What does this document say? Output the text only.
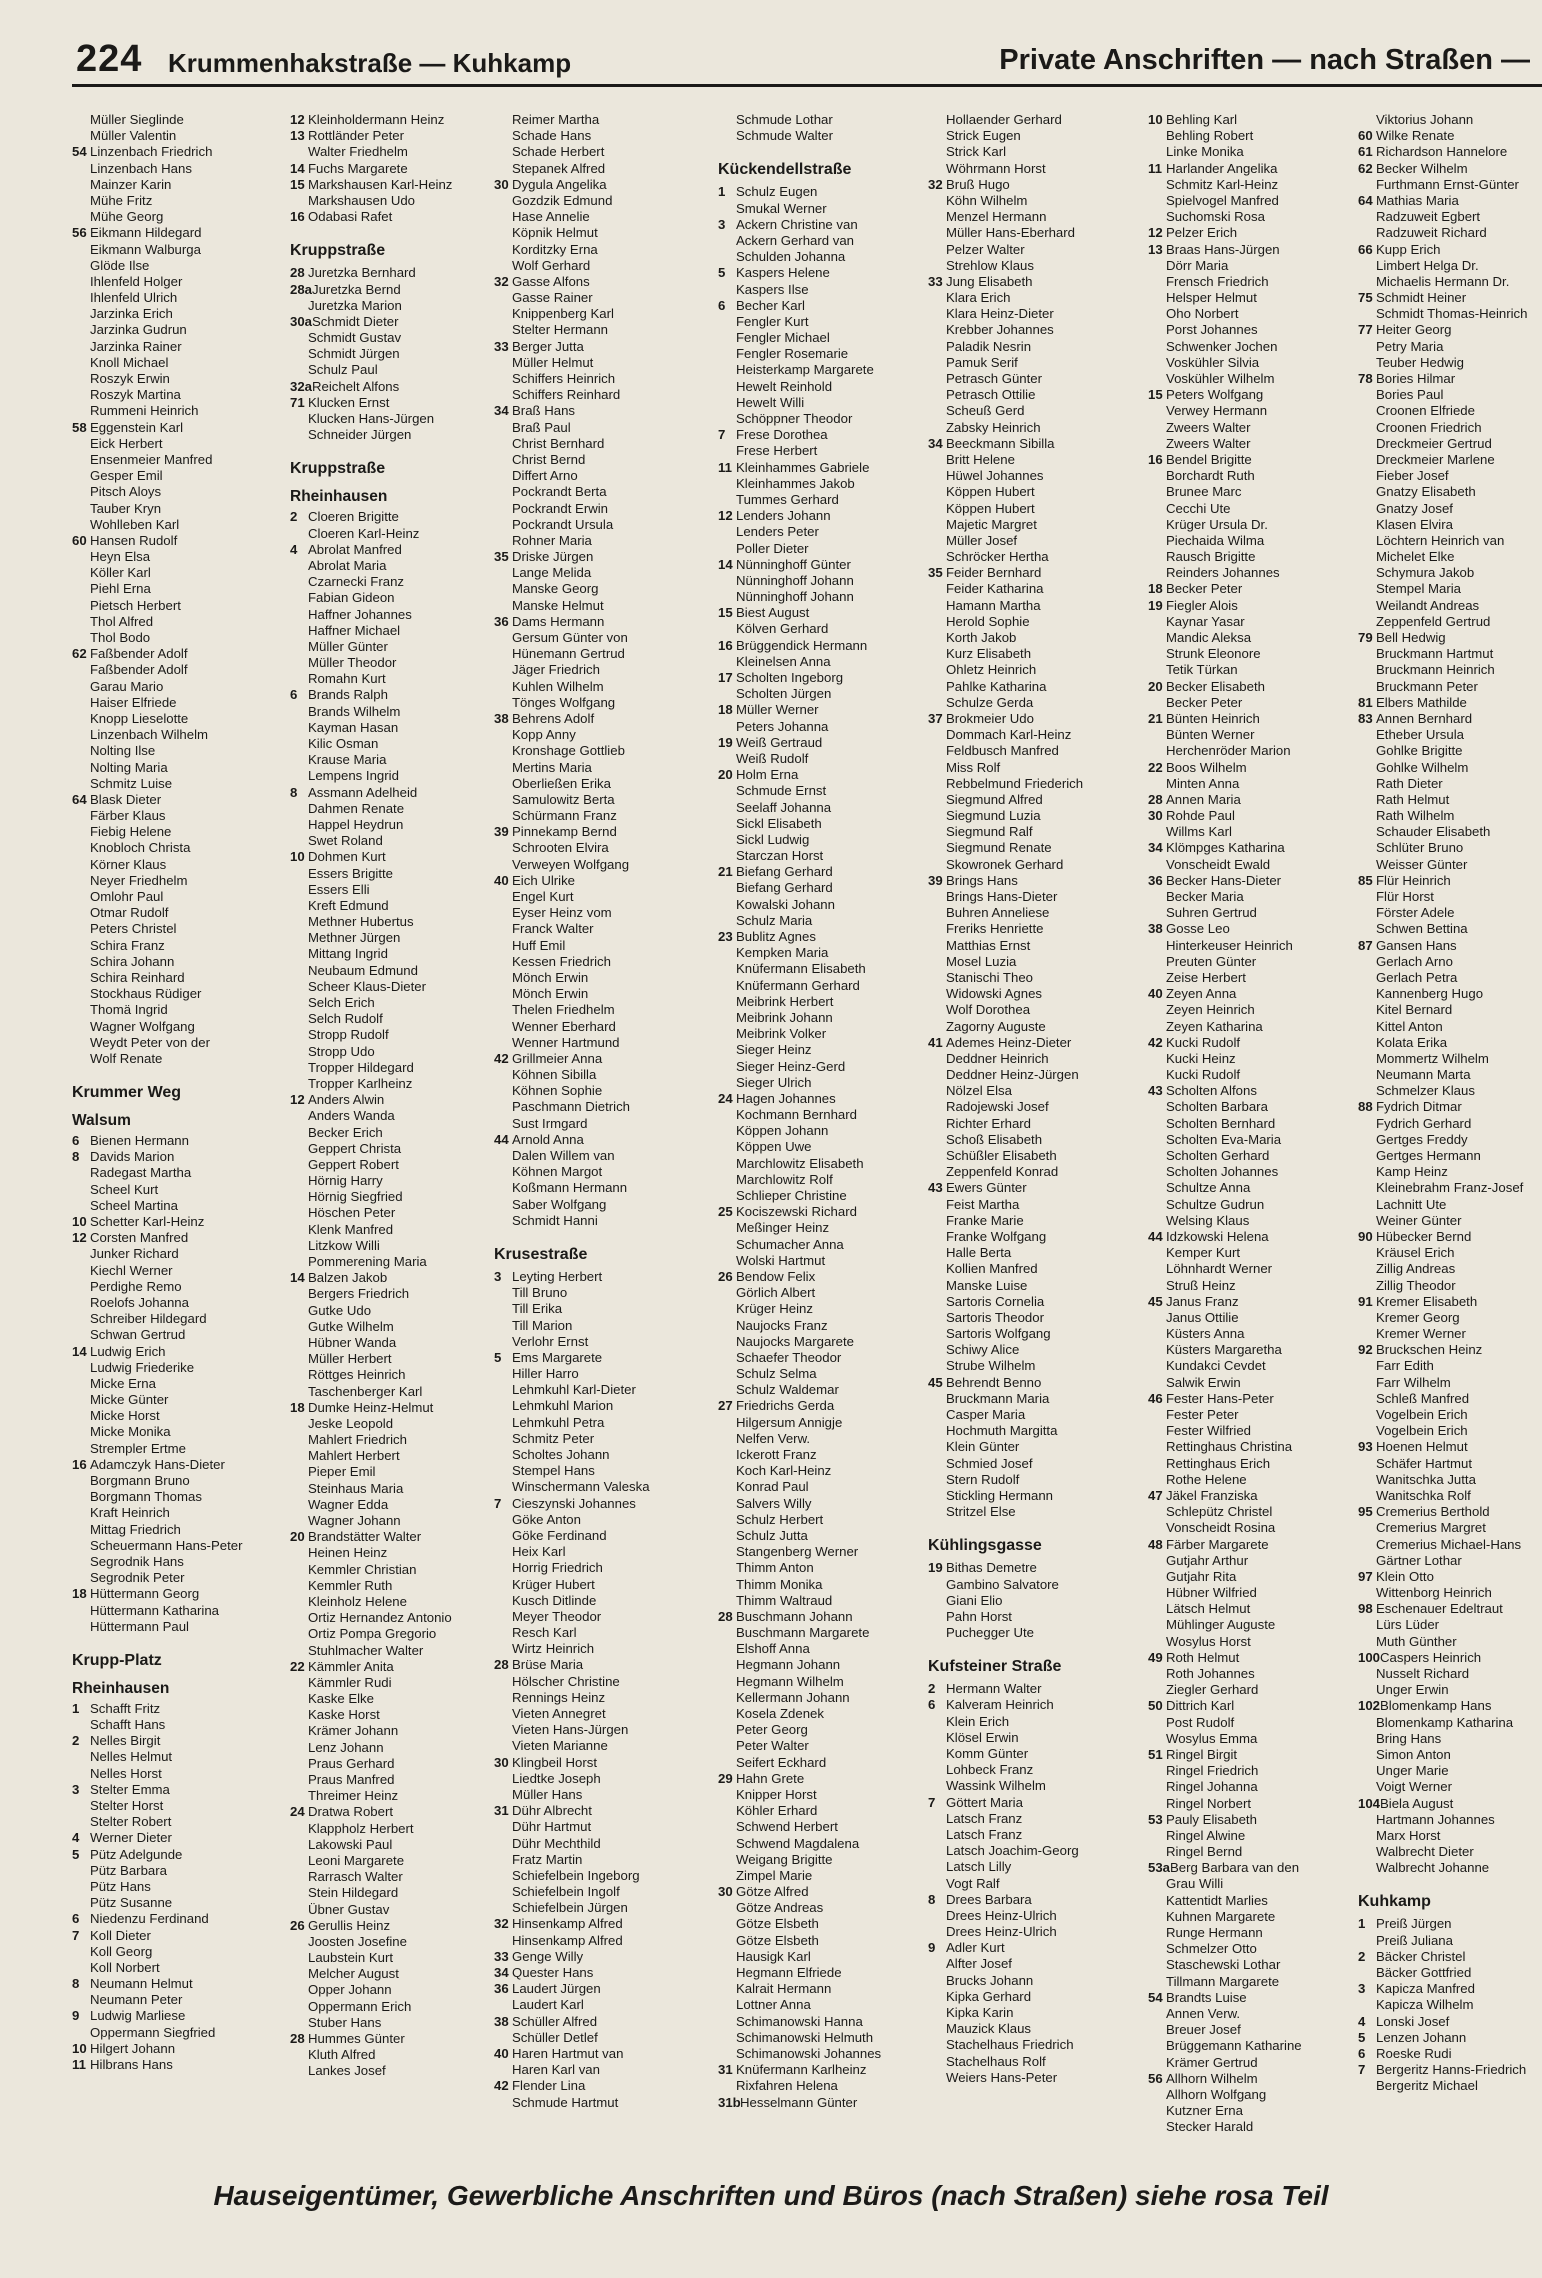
224 Krummenhakstraße — Kuhkamp	Private Anschriften — nach Straßen —
Müller Sieglinde
Müller Valentin
54 Linzenbach Friedrich
Linzenbach Hans
Mainzer Karin
Mühe Fritz
Mühe Georg
56 Eikmann Hildegard
Eikmann Walburga
Glöde Ilse
Ihlenfeld Holger
Ihlenfeld Ulrich
Jarzinka Erich
Jarzinka Gudrun
Jarzinka Rainer
Knoll Michael
Roszyk Erwin
Roszyk Martina
Rummeni Heinrich
58 Eggenstein Karl
Eick Herbert
Ensenmeier Manfred
Gesper Emil
Pitsch Aloys
Tauber Kryn
Wohlleben Karl
60 Hansen Rudolf
Heyn Elsa
Köller Karl
Piehl Erna
Pietsch Herbert
Thol Alfred
Thol Bodo
62 Faßbender Adolf
Faßbender Adolf
Garau Mario
Haiser Elfriede
Knopp Lieselotte
Linzenbach Wilhelm
Nolting Ilse
Nolting Maria
Schmitz Luise
64 Blask Dieter
Färber Klaus
Fiebig Helene
Knobloch Christa
Körner Klaus
Neyer Friedhelm
Omlohr Paul
Otmar Rudolf
Peters Christel
Schira Franz
Schira Johann
Schira Reinhard
Stockhaus Rüdiger
Thomä Ingrid
Wagner Wolfgang
Weydt Peter von der
Wolf Renate
Krummer Weg
Walsum
6 Bienen Hermann
8 Davids Marion
Radegast Martha
Scheel Kurt
Scheel Martina
10 Schetter Karl-Heinz
12 Corsten Manfred
Junker Richard
Kiechl Werner
Perdighe Remo
Roelofs Johanna
Schreiber Hildegard
Schwan Gertrud
14 Ludwig Erich
Ludwig Friederike
Micke Erna
Micke Günter
Micke Horst
Micke Monika
Strempler Ertme
16 Adamczyk Hans-Dieter
Borgmann Bruno
Borgmann Thomas
Kraft Heinrich
Mittag Friedrich
Scheuermann Hans-Peter
Segrodnik Hans
Segrodnik Peter
18 Hüttermann Georg
Hüttermann Katharina
Hüttermann Paul
Krupp-Platz
Rheinhausen
1 Schafft Fritz
Schafft Hans
2 Nelles Birgit
Nelles Helmut
Nelles Horst
3 Stelter Emma
Stelter Horst
Stelter Robert
4 Werner Dieter
5 Pütz Adelgunde
Pütz Barbara
Pütz Hans
Pütz Susanne
6 Niedenzu Ferdinand
7 Koll Dieter
Koll Georg
Koll Norbert
8 Neumann Helmut
Neumann Peter
9 Ludwig Marliese
Oppermann Siegfried
10 Hilgert Johann
11 Hilbrans Hans
12 Kleinholdermann Heinz
13 Rottländer Peter
Walter Friedhelm
14 Fuchs Margarete
15 Markshausen Karl-Heinz
Markshausen Udo
16 Odabasi Rafet
Kruppstraße
28 Juretzka Bernhard
28a Juretzka Bernd
Juretzka Marion
30a Schmidt Dieter
Schmidt Gustav
Schmidt Jürgen
Schulz Paul
32a Reichelt Alfons
71 Klucken Ernst
Klucken Hans-Jürgen
Schneider Jürgen
Kruppstraße
Rheinhausen
2 Cloeren Brigitte
Cloeren Karl-Heinz
4 Abrolat Manfred
Abrolat Maria
Czarnecki Franz
Fabian Gideon
Haffner Johannes
Haffner Michael
Müller Günter
Müller Theodor
Romahn Kurt
6 Brands Ralph
Brands Wilhelm
Kayman Hasan
Kilic Osman
Krause Maria
Lempens Ingrid
8 Assmann Adelheid
Dahmen Renate
Happel Heydrun
Swet Roland
10 Dohmen Kurt
Essers Brigitte
Essers Elli
Kreft Edmund
Methner Hubertus
Methner Jürgen
Mittang Ingrid
Neubaum Edmund
Scheer Klaus-Dieter
Selch Erich
Selch Rudolf
Stropp Rudolf
Stropp Udo
Tropper Hildegard
Tropper Karlheinz
12 Anders Alwin
Anders Wanda
Becker Erich
Geppert Christa
Geppert Robert
Hörnig Harry
Hörnig Siegfried
Höschen Peter
Klenk Manfred
Litzkow Willi
Pommerening Maria
14 Balzen Jakob
Bergers Friedrich
Gutke Udo
Gutke Wilhelm
Hübner Wanda
Müller Herbert
Röttges Heinrich
Taschenberger Karl
18 Dumke Heinz-Helmut
Jeske Leopold
Mahlert Friedrich
Mahlert Herbert
Pieper Emil
Steinhaus Maria
Wagner Edda
Wagner Johann
20 Brandstätter Walter
Heinen Heinz
Kemmler Christian
Kemmler Ruth
Kleinholz Helene
Ortiz Hernandez Antonio
Ortiz Pompa Gregorio
Stuhlmacher Walter
22 Kämmler Anita
Kämmler Rudi
Kaske Elke
Kaske Horst
Krämer Johann
Lenz Johann
Praus Gerhard
Praus Manfred
Threimer Heinz
24 Dratwa Robert
Klappholz Herbert
Lakowski Paul
Leoni Margarete
Rarrasch Walter
Stein Hildegard
Übner Gustav
26 Gerullis Heinz
Joosten Josefine
Laubstein Kurt
Melcher August
Opper Johann
Oppermann Erich
Stuber Hans
28 Hummes Günter
Kluth Alfred
Lankes Josef
Reimer Martha
Schade Hans
Schade Herbert
Stepanek Alfred
30 Dygula Angelika
Gozdzik Edmund
Hase Annelie
Köpnik Helmut
Korditzky Erna
Wolf Gerhard
32 Gasse Alfons
Gasse Rainer
Knippenberg Karl
Stelter Hermann
33 Berger Jutta
Müller Helmut
Schiffers Heinrich
Schiffers Reinhard
34 Braß Hans
Braß Paul
Christ Bernhard
Christ Bernd
Differt Arno
Pockrandt Berta
Pockrandt Erwin
Pockrandt Ursula
Rohner Maria
35 Driske Jürgen
Lange Melida
Manske Georg
Manske Helmut
36 Dams Hermann
Gersum Günter von
Hünemann Gertrud
Jäger Friedrich
Kuhlen Wilhelm
Tönges Wolfgang
38 Behrens Adolf
Kopp Anny
Kronshage Gottlieb
Mertins Maria
Oberließen Erika
Samulowitz Berta
Schürmann Franz
39 Pinnekamp Bernd
Schrooten Elvira
Verweyen Wolfgang
40 Eich Ulrike
Engel Kurt
Eyser Heinz vom
Franck Walter
Huff Emil
Kessen Friedrich
Mönch Erwin
Mönch Erwin
Thelen Friedhelm
Wenner Eberhard
Wenner Hartmund
42 Grillmeier Anna
Köhnen Sibilla
Köhnen Sophie
Paschmann Dietrich
Sust Irmgard
44 Arnold Anna
Dalen Willem van
Köhnen Margot
Koßmann Hermann
Saber Wolfgang
Schmidt Hanni
Krusestraße
3 Leyting Herbert
Till Bruno
Till Erika
Till Marion
Verlohr Ernst
5 Ems Margarete
Hiller Harro
Lehmkuhl Karl-Dieter
Lehmkuhl Marion
Lehmkuhl Petra
Schmitz Peter
Scholtes Johann
Stempel Hans
Winschermann Valeska
7 Cieszynski Johannes
Göke Anton
Göke Ferdinand
Heix Karl
Horrig Friedrich
Krüger Hubert
Kusch Ditlinde
Meyer Theodor
Resch Karl
Wirtz Heinrich
28 Brüse Maria
Hölscher Christine
Rennings Heinz
Vieten Annegret
Vieten Hans-Jürgen
Vieten Marianne
30 Klingbeil Horst
Liedtke Joseph
Müller Hans
31 Dühr Albrecht
Dühr Hartmut
Dühr Mechthild
Fratz Martin
Schiefelbein Ingeborg
Schiefelbein Ingolf
Schiefelbein Jürgen
32 Hinsenkamp Alfred
Hinsenkamp Alfred
33 Genge Willy
34 Quester Hans
36 Laudert Jürgen
Laudert Karl
38 Schüller Alfred
Schüller Detlef
40 Haren Hartmut van
Haren Karl van
42 Flender Lina
Schmude Hartmut
Schmude Lothar
Schmude Walter
Kückendellstraße
1 Schulz Eugen
Smukal Werner
3 Ackern Christine van
Ackern Gerhard van
Schulden Johanna
5 Kaspers Helene
Kaspers Ilse
6 Becher Karl
Fengler Kurt
Fengler Michael
Fengler Rosemarie
Heisterkamp Margarete
Hewelt Reinhold
Hewelt Willi
Schöppner Theodor
7 Frese Dorothea
Frese Herbert
11 Kleinhammes Gabriele
Kleinhammes Jakob
Tummes Gerhard
12 Lenders Johann
Lenders Peter
Poller Dieter
14 Nünninghoff Günter
Nünninghoff Johann
Nünninghoff Johann
15 Biest August
Kölven Gerhard
16 Brüggendick Hermann
Kleinelsen Anna
17 Scholten Ingeborg
Scholten Jürgen
18 Müller Werner
Peters Johanna
19 Weiß Gertraud
Weiß Rudolf
20 Holm Erna
Schmude Ernst
Seelaff Johanna
Sickl Elisabeth
Sickl Ludwig
Starczan Horst
21 Biefang Gerhard
Biefang Gerhard
Kowalski Johann
Schulz Maria
23 Bublitz Agnes
Kempken Maria
Knüfermann Elisabeth
Knüfermann Gerhard
Meibrink Herbert
Meibrink Johann
Meibrink Volker
Sieger Heinz
Sieger Heinz-Gerd
Sieger Ulrich
24 Hagen Johannes
Kochmann Bernhard
Köppen Johann
Köppen Uwe
Marchlowitz Elisabeth
Marchlowitz Rolf
Schlieper Christine
25 Kociszewski Richard
Meßinger Heinz
Schumacher Anna
Wolski Hartmut
26 Bendow Felix
Görlich Albert
Krüger Heinz
Naujocks Franz
Naujocks Margarete
Schaefer Theodor
Schulz Selma
Schulz Waldemar
27 Friedrichs Gerda
Hilgersum Annigje
Nelfen Verw.
Ickerott Franz
Koch Karl-Heinz
Konrad Paul
Salvers Willy
Schulz Herbert
Schulz Jutta
Stangenberg Werner
Thimm Anton
Thimm Monika
Thimm Waltraud
28 Buschmann Johann
Buschmann Margarete
Elshoff Anna
Hegmann Johann
Hegmann Wilhelm
Kellermann Johann
Kosela Zdenek
Peter Georg
Peter Walter
Seifert Eckhard
29 Hahn Grete
Knipper Horst
Köhler Erhard
Schwend Herbert
Schwend Magdalena
Weigang Brigitte
Zimpel Marie
30 Götze Alfred
Götze Andreas
Götze Elsbeth
Götze Elsbeth
Hausigk Karl
Hegmann Elfriede
Kalrait Hermann
Lottner Anna
Schimanowski Hanna
Schimanowski Helmuth
Schimanowski Johannes
31 Knüfermann Karlheinz
Rixfahren Helena
31b Hesselmann Günter
Hollaender Gerhard
Strick Eugen
Strick Karl
Wöhrmann Horst
32 Bruß Hugo
Köhn Wilhelm
Menzel Hermann
Müller Hans-Eberhard
Pelzer Walter
Strehlow Klaus
33 Jung Elisabeth
Klara Erich
Klara Heinz-Dieter
Krebber Johannes
Paladik Nesrin
Pamuk Serif
Petrasch Günter
Petrasch Ottilie
Scheuß Gerd
Zabsky Heinrich
34 Beeckmann Sibilla
Britt Helene
Hüwel Johannes
Köppen Hubert
Köppen Hubert
Majetic Margret
Müller Josef
Schröcker Hertha
35 Feider Bernhard
Feider Katharina
Hamann Martha
Herold Sophie
Korth Jakob
Kurz Elisabeth
Ohletz Heinrich
Pahlke Katharina
Schulze Gerda
37 Brokmeier Udo
Dommach Karl-Heinz
Feldbusch Manfred
Miss Rolf
Rebbelmund Friederich
Siegmund Alfred
Siegmund Luzia
Siegmund Ralf
Siegmund Renate
Skowronek Gerhard
39 Brings Hans
Brings Hans-Dieter
Buhren Anneliese
Freriks Henriette
Matthias Ernst
Mosel Luzia
Stanischi Theo
Widowski Agnes
Wolf Dorothea
Zagorny Auguste
41 Ademes Heinz-Dieter
Deddner Heinrich
Deddner Heinz-Jürgen
Nölzel Elsa
Radojewski Josef
Richter Erhard
Schoß Elisabeth
Schüßler Elisabeth
Zeppenfeld Konrad
43 Ewers Günter
Feist Martha
Franke Marie
Franke Wolfgang
Halle Berta
Kollien Manfred
Manske Luise
Sartoris Cornelia
Sartoris Theodor
Sartoris Wolfgang
Schiwy Alice
Strube Wilhelm
45 Behrendt Benno
Bruckmann Maria
Casper Maria
Hochmuth Margitta
Klein Günter
Schmied Josef
Stern Rudolf
Stickling Hermann
Stritzel Else
Kühlingsgasse
19 Bithas Demetre
Gambino Salvatore
Giani Elio
Pahn Horst
Puchegger Ute
Kufsteiner Straße
2 Hermann Walter
6 Kalveram Heinrich
Klein Erich
Klösel Erwin
Komm Günter
Lohbeck Franz
Wassink Wilhelm
7 Göttert Maria
Latsch Franz
Latsch Franz
Latsch Joachim-Georg
Latsch Lilly
Vogt Ralf
8 Drees Barbara
Drees Heinz-Ulrich
Drees Heinz-Ulrich
9 Adler Kurt
Alfter Josef
Brucks Johann
Kipka Gerhard
Kipka Karin
Mauzick Klaus
Stachelhaus Friedrich
Stachelhaus Rolf
Weiers Hans-Peter
10 Behling Karl
Behling Robert
Linke Monika
11 Harlander Angelika
Schmitz Karl-Heinz
Spielvogel Manfred
Suchomski Rosa
12 Pelzer Erich
13 Braas Hans-Jürgen
Dörr Maria
Frensch Friedrich
Helsper Helmut
Oho Norbert
Porst Johannes
Schwenker Jochen
Voskühler Silvia
Voskühler Wilhelm
15 Peters Wolfgang
Verwey Hermann
Zweers Walter
Zweers Walter
16 Bendel Brigitte
Borchardt Ruth
Brunee Marc
Cecchi Ute
Krüger Ursula Dr.
Piechaida Wilma
Rausch Brigitte
Reinders Johannes
18 Becker Peter
19 Fiegler Alois
Kaynar Yasar
Mandic Aleksa
Strunk Eleonore
Tetik Türkan
20 Becker Elisabeth
Becker Peter
21 Bünten Heinrich
Bünten Werner
Herchenröder Marion
22 Boos Wilhelm
Minten Anna
28 Annen Maria
30 Rohde Paul
Willms Karl
34 Klömpges Katharina
Vonscheidt Ewald
36 Becker Hans-Dieter
Becker Maria
Suhren Gertrud
38 Gosse Leo
Hinterkeuser Heinrich
Preuten Günter
Zeise Herbert
40 Zeyen Anna
Zeyen Heinrich
Zeyen Katharina
42 Kucki Rudolf
Kucki Heinz
Kucki Rudolf
43 Scholten Alfons
Scholten Barbara
Scholten Bernhard
Scholten Eva-Maria
Scholten Gerhard
Scholten Johannes
Schultze Anna
Schultze Gudrun
Welsing Klaus
44 Idzkowski Helena
Kemper Kurt
Löhnhardt Werner
Struß Heinz
45 Janus Franz
Janus Ottilie
Küsters Anna
Küsters Margaretha
Kundakci Cevdet
Salwik Erwin
46 Fester Hans-Peter
Fester Peter
Fester Wilfried
Rettinghaus Christina
Rettinghaus Erich
Rothe Helene
47 Jäkel Franziska
Schlepütz Christel
Vonscheidt Rosina
48 Färber Margarete
Gutjahr Arthur
Gutjahr Rita
Hübner Wilfried
Lätsch Helmut
Mühlinger Auguste
Wosylus Horst
49 Roth Helmut
Roth Johannes
Ziegler Gerhard
50 Dittrich Karl
Post Rudolf
Wosylus Emma
51 Ringel Birgit
Ringel Friedrich
Ringel Johanna
Ringel Norbert
53 Pauly Elisabeth
Ringel Alwine
Ringel Bernd
53a Berg Barbara van den
Grau Willi
Kattentidt Marlies
Kuhnen Margarete
Runge Hermann
Schmelzer Otto
Staschewski Lothar
Tillmann Margarete
54 Brandts Luise
Annen Verw.
Breuer Josef
Brüggemann Katharine
Krämer Gertrud
56 Allhorn Wilhelm
Allhorn Wolfgang
Kutzner Erna
Stecker Harald
Viktorius Johann
60 Wilke Renate
61 Richardson Hannelore
62 Becker Wilhelm
Furthmann Ernst-Günter
64 Mathias Maria
Radzuweit Egbert
Radzuweit Richard
66 Kupp Erich
Limbert Helga Dr.
Michaelis Hermann Dr.
75 Schmidt Heiner
Schmidt Thomas-Heinrich
77 Heiter Georg
Petry Maria
Teuber Hedwig
78 Bories Hilmar
Bories Paul
Croonen Elfriede
Croonen Friedrich
Dreckmeier Gertrud
Dreckmeier Marlene
Fieber Josef
Gnatzy Elisabeth
Gnatzy Josef
Klasen Elvira
Löchtern Heinrich van
Michelet Elke
Schymura Jakob
Stempel Maria
Weilandt Andreas
Zeppenfeld Gertrud
79 Bell Hedwig
Bruckmann Hartmut
Bruckmann Heinrich
Bruckmann Peter
81 Elbers Mathilde
83 Annen Bernhard
Etheber Ursula
Gohlke Brigitte
Gohlke Wilhelm
Rath Dieter
Rath Helmut
Rath Wilhelm
Schauder Elisabeth
Schlüter Bruno
Weisser Günter
85 Flür Heinrich
Flür Horst
Förster Adele
Schwen Bettina
87 Gansen Hans
Gerlach Arno
Gerlach Petra
Kannenberg Hugo
Kitel Bernard
Kittel Anton
Kolata Erika
Mommertz Wilhelm
Neumann Marta
Schmelzer Klaus
88 Fydrich Ditmar
Fydrich Gerhard
Gertges Freddy
Gertges Hermann
Kamp Heinz
Kleinebrahm Franz-Josef
Lachnitt Ute
Weiner Günter
90 Hübecker Bernd
Kräusel Erich
Zillig Andreas
Zillig Theodor
91 Kremer Elisabeth
Kremer Georg
Kremer Werner
92 Bruckschen Heinz
Farr Edith
Farr Wilhelm
Schleß Manfred
Vogelbein Erich
Vogelbein Erich
93 Hoenen Helmut
Schäfer Hartmut
Wanitschka Jutta
Wanitschka Rolf
95 Cremerius Berthold
Cremerius Margret
Cremerius Michael-Hans
Gärtner Lothar
97 Klein Otto
Wittenborg Heinrich
98 Eschenauer Edeltraut
Lürs Lüder
Muth Günther
100 Caspers Heinrich
Nusselt Richard
Unger Erwin
102 Blomenkamp Hans
Blomenkamp Katharina
Bring Hans
Simon Anton
Unger Marie
Voigt Werner
104 Biela August
Hartmann Johannes
Marx Horst
Walbrecht Dieter
Walbrecht Johanne
Kuhkamp
1 Preiß Jürgen
Preiß Juliana
2 Bäcker Christel
Bäcker Gottfried
3 Kapicza Manfred
Kapicza Wilhelm
4 Lonski Josef
5 Lenzen Johann
6 Roeske Rudi
7 Bergeritz Hanns-Friedrich
Bergeritz Michael
Hauseigentümer, Gewerbliche Anschriften und Büros (nach Straßen) siehe rosa Teil
